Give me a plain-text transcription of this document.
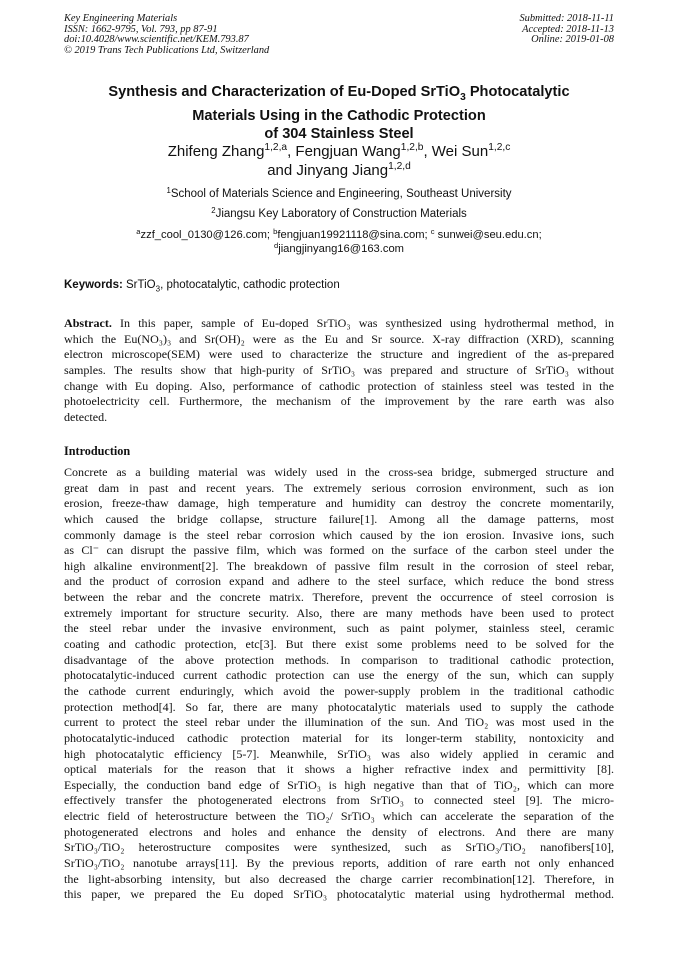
Key Engineering Materials
ISSN: 1662-9795, Vol. 793, pp 87-91
doi:10.4028/www.scientific.net/KEM.793.87
© 2019 Trans Tech Publications Ltd, Switzerland
Submitted: 2018-11-11
Accepted: 2018-11-13
Online: 2019-01-08
Synthesis and Characterization of Eu-Doped SrTiO$_3$ Photocatalytic
Materials Using in the Cathodic Protection
of 304 Stainless Steel
Zhifeng Zhang$^{1,2,a}$, Fengjuan Wang$^{1,2,b}$, Wei Sun$^{1,2,c}$
and Jinyang Jiang$^{1,2,d}$
$^1$School of Materials Science and Engineering, Southeast University
$^2$Jiangsu Key Laboratory of Construction Materials
$^a$zzf_cool_0130@126.com; $^b$fengjuan19921118@sina.com; $^c$ sunwei@seu.edu.cn;
$^d$jiangjinyang16@163.com
Keywords: SrTiO$_3$, photocatalytic, cathodic protection
Abstract. In this paper, sample of Eu-doped SrTiO₃ was synthesized using hydrothermal method, in
which the Eu(NO₃)₃ and Sr(OH)₂ were as the Eu and Sr source. X-ray diffraction (XRD), scanning
electron microscope(SEM) were used to characterize the structure and ingredient of the as-prepared
samples. The results show that high-purity of SrTiO₃ was prepared and structure of SrTiO₃ without
change with Eu doping. Also, performance of cathodic protection of stainless steel was tested in the
photoelectricity cell. Furthermore, the mechanism of the improvement by the rare earth was also
detected.
Introduction
Concrete as a building material was widely used in the cross-sea bridge, submerged structure and
great dam in past and recent years. The extremely serious corrosion environment, such as ion
erosion, freeze-thaw damage, high temperature and humidity can destroy the concrete momentarily,
which caused the bridge collapse, structure failure[1]. Among all the damage patterns, most
commonly damage is the steel rebar corrosion which caused by the ion erosion. Invasive ions, such
as Cl⁻ can disrupt the passive film, which was formed on the surface of the carbon steel under the
high alkaline environment[2]. The breakdown of passive film result in the corrosion of steel rebar,
and the product of corrosion expand and adhere to the steel surface, which reduce the bond stress
between the rebar and the concrete matrix. Therefore, prevent the occurrence of steel corrosion is
extremely important for structure security. Also, there are many methods have been used to protect
the steel rebar under the invasive environment, such as paint polymer, stainless steel, ceramic
coating and cathodic protection, etc[3]. But there exist some problems need to be solved for the
disadvantage of the above protection methods. In comparison to traditional cathodic protection,
photocatalytic-induced current cathodic protection can use the energy of the sun, which can supply
the cathode current enduringly, which avoid the power-supply problem in the traditional cathodic
protection method[4]. So far, there are many photocatalytic materials used to supply the cathode
current to protect the steel rebar under the illumination of the sun. And TiO₂ was most used in the
photocatalytic-induced cathodic protection material for its longer-term stability, nontoxicity and
high photocatalytic efficiency [5-7]. Meanwhile, SrTiO₃ was also widely applied in ceramic and
optical materials for the reason that it shows a higher refractive index and permittivity [8].
Especially, the conduction band edge of SrTiO₃ is high negative than that of TiO₂, which can more
effectively transfer the photogenerated electrons from SrTiO₃ to connected steel [9]. The micro-
electric field of heterostructure between the TiO₂/ SrTiO₃ which can accelerate the separation of the
photogenerated electrons and holes and enhance the density of electrons. And there are many
SrTiO₃/TiO₂ heterostructure composites were synthesized, such as SrTiO₃/TiO₂ nanofibers[10],
SrTiO₃/TiO₂ nanotube arrays[11]. By the previous reports, addition of rare earth not only enhanced
the light-absorbing intensity, but also decreased the charge carrier recombination[12]. Therefore, in
this paper, we prepared the Eu doped SrTiO₃ photocatalytic material using hydrothermal method.
